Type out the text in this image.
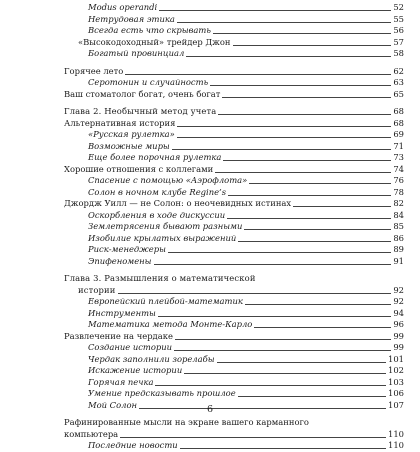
Modus operandi	52
Нетрудовая этика	55
Всегда есть что скрывать	56
«Высокодоходный» трейдер Джон	57
Богатый провинциал	58
Горячее лето	62
Серотонин и случайность	63
Ваш стоматолог богат, очень богат	65
Глава 2. Необычный метод учета	68
Альтернативная история	68
«Русская рулетка»	69
Возможные миры	71
Еще более порочная рулетка	73
Хорошие отношения с коллегами	74
Спасение с помощью «Аэрофлота»	76
Солон в ночном клубе Regine’s	78
Джордж Уилл — не Солон: о неочевидных истинах	82
Оскорбления в ходе дискуссии	84
Землетрясения бывают разными	85
Изобилие крылатых выражений	86
Риск-менеджеры	89
Эпифеномены	91
Глава 3. Размышления о математической
истории	92
Европейский плейбой-математик	92
Инструменты	94
Математика метода Монте-Карло	96
Развлечение на чердаке	99
Создание истории	99
Чердак заполнили зорелабы	101
Искажение истории	102
Горячая печка	103
Умение предсказывать прошлое	106
Мой Солон	107
Рафинированные мысли на экране вашего карманного
компьютера	110
Последние новости	110
6
